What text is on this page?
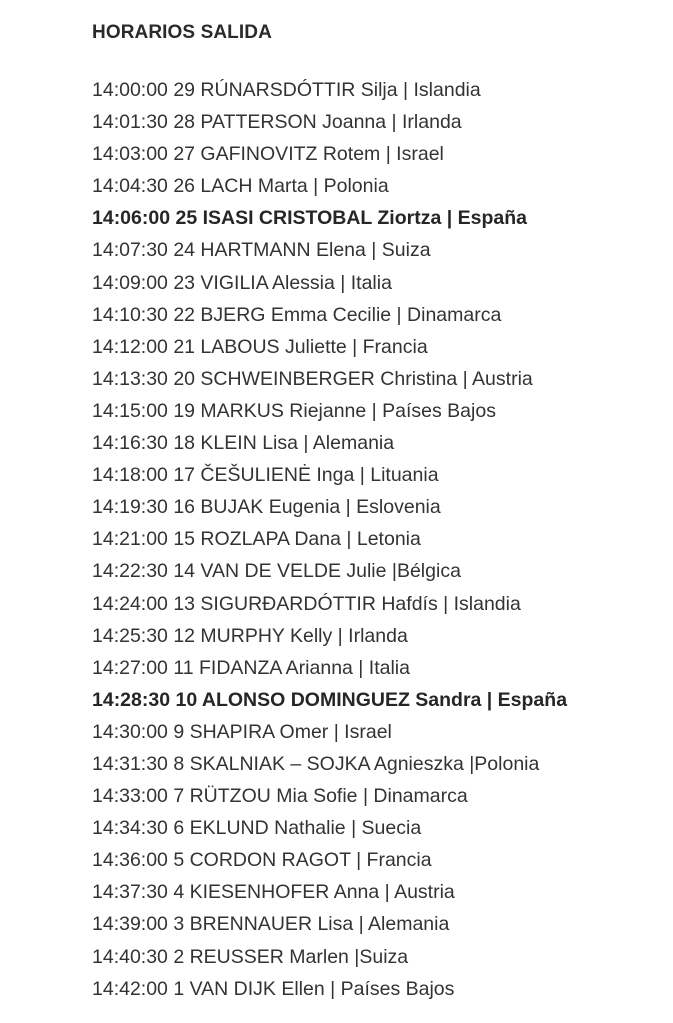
HORARIOS SALIDA
14:00:00 29 RÚNARSDÓTTIR Silja | Islandia
14:01:30 28 PATTERSON Joanna | Irlanda
14:03:00 27 GAFINOVITZ Rotem | Israel
14:04:30 26 LACH Marta | Polonia
14:06:00 25 ISASI CRISTOBAL Ziortza | España
14:07:30 24 HARTMANN Elena | Suiza
14:09:00 23 VIGILIA Alessia | Italia
14:10:30 22 BJERG Emma Cecilie | Dinamarca
14:12:00 21 LABOUS Juliette | Francia
14:13:30 20 SCHWEINBERGER Christina | Austria
14:15:00 19 MARKUS Riejanne | Países Bajos
14:16:30 18 KLEIN Lisa | Alemania
14:18:00 17 ČEŠULIENĖ Inga | Lituania
14:19:30 16 BUJAK Eugenia | Eslovenia
14:21:00 15 ROZLAPA Dana | Letonia
14:22:30 14 VAN DE VELDE Julie |Bélgica
14:24:00 13 SIGURÐARDÓTTIR Hafdís | Islandia
14:25:30 12 MURPHY Kelly | Irlanda
14:27:00 11 FIDANZA Arianna | Italia
14:28:30 10 ALONSO DOMINGUEZ Sandra | España
14:30:00 9 SHAPIRA Omer | Israel
14:31:30 8 SKALNIAK – SOJKA Agnieszka |Polonia
14:33:00 7 RÜTZOU Mia Sofie | Dinamarca
14:34:30 6 EKLUND Nathalie | Suecia
14:36:00 5 CORDON RAGOT | Francia
14:37:30 4 KIESENHOFER Anna | Austria
14:39:00 3 BRENNAUER Lisa | Alemania
14:40:30 2 REUSSER Marlen |Suiza
14:42:00 1 VAN DIJK Ellen | Países Bajos
